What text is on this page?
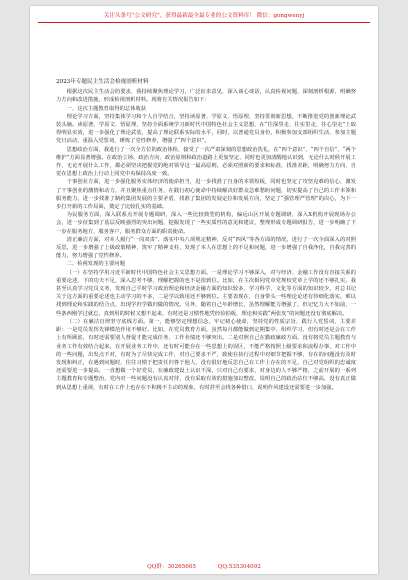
关注头条号“公文研究”，获得最新最全最专业的公文资料库！ 微信：gongwenyj

2023年专题民主生活会检视剖析材料

根据这次民主生活会的要求，我持续聚焦理论学习，广泛征求意见，深入谈心谈话，认真检视问题，深刻剖析根源，明确努力方向和改进措施，形成检视剖析材料。现将有关情况报告如下：

一、这次主题教育取得的总体收获

理论学习方面，坚持集体学习和个人自学结合，坚持读原著、学原文、悟原理，坚持贯彻新思想，不断推进党的创新理论武装头脑。读原著、学原文、悟原理，坚持全面系统学习新时代中国特色社会主义思想，在“往深里走、往实里走、往心里走”上取得明显实效，进一步强化了理论武装，提高了理论联系实际的水平，同时，以普通党员身份，积极参加支部组织生活，参加主题党日活动，重温入党誓词，锤炼了党性修养，增强了“四个意识”。

思想政治方面，我进行了一次全方位的政治体检，接受了一次严肃深刻的思想政治洗礼，在“四个意识”、“四个自信”、“两个维护”方面显著增强。在政治立场、政治方向、政治原则和政治道路上更加坚定，同时也更加清醒地认识到，无论什么时候开展工作，无论开展什么工作，都必须坚决把握党的绝对领导这一最高原则，必须对照新的要求和标准，找准差距，明确努力方向，自觉在思想上政治上行动上同党中央保持高度一致。

干事创业方面，进一步强化服务实体经济的使命担当，进一步找准了自身的本领短板，同时也坚定了攻坚克难的信心，激发了干事创业的激情和动力，并且聚焦重点任务，在践行初心使命中持续解决好群众急难愁盼问题，切实提高了自己的工作本领和服务能力，进一步找准了制约集团发展的主要矛盾，找准了集团的发展定位和发展方向，坚定了“强管理严管理”的决心，为下一步打开新的工作局面，奠定了比较扎实的基础。

为民服务方面，深入联系点开展专题调研，深入一些比较典型的机构，偏远山区开展专题调研，深入X机构开展现场办公会，进一步征集到了基层反映强烈的突出问题，挖掘发现了一些实质性的意见和建议，整理形成专题调研报告，进一步明确了下一步在服务地方，服务客户，服务群众方面的职责使命。

清正廉洁方面，对本人履行“一岗双责”、落实中央八项规定精神，反对“四风”等各方面的情况，进行了一次全面深入的对照反思，进一步增强了上级政策精神，筑牢了精神支柱，发现了本人在思想上的不足和问题，进一步增强了自我净化，自我完善的能力，努力增强了党性修养。

二、检视发现的主要问题

（一）在坚持学用习近平新时代中国特色社会主义思想方面。一是理论学习不够深入，对与经济、金融工作没有直接关系的重要论述，下的功夫不足，深入思考不够，理解把握的也不是很到位。比如，在主次相同党章党规校党章上学的还不够扎实。我甚至认真学习党员义务，发现自己平时学习政治理论和经济金融方面的知识较多，学习科学、文化等方面的知识较少，对总书记关于这方面的重要论述也主动学习的不多，二是学以致用还不够到位。主要表现在，自身带头一些理论论述有待细化落实，难以找到理论和实践的结合点，出现学归学做归做的情况。另外，随着自己年龄增长，虽然理解能力增强了，但记忆力大不如前，一些条西刚学过就忘，真到用的时候又想不起来，有时还是习惯性地凭经验拍板，理论和实践“两张皮”的问题还没有彻底解决。

（二）在廉洁自律坚守底线方面。第一，能够坚定理想信念，牢记初心使命，坚持党的性质宗旨，践行人党誓词，主要差距：一是党员发挥先锋模范作用不够好。比如，在党员教育方面，虽然每月都能做到定期集中、组织学习、但有时还是会在工作上有所顾虑，有时还需要别人督促才能完成任务，工作业绩还不够突出。二是对照自己在勤政廉政方面，没有将党员主题教育与业务工作有效结合起来，在开展业务工作中，还有时可能存在一些思想上的误区，不能严格按照上级要求和流程办事，对工作中的一些问题，出发点不对，有时为了尽快完成工作，对自己要求不严，致使在执行过程中对细节把握不够，存在的问题没有及时发现和纠正，在遇到问题时，往往习惯于把责任归咎于他人，没有很好地反思自己在工作上存在的不足，自己对党组织的忠诚度还需要进一步提高，一直想做一个好党员，在廉政建设上认识不深，只对自己有要求，对身边的人不够严格，之前开展的一系列主题教育和专题整治，党内对一些问题没有认真对待，没有采取有效的措施加以整改，说明自己的政治站位不够高，没有真正做到从思想上重视，有时在工作上也存在不积极不主动的现象，有时甚至会找各种借口，说明作风建设还需要进一步加强。

QQ群：30265665	QQ:535304092
